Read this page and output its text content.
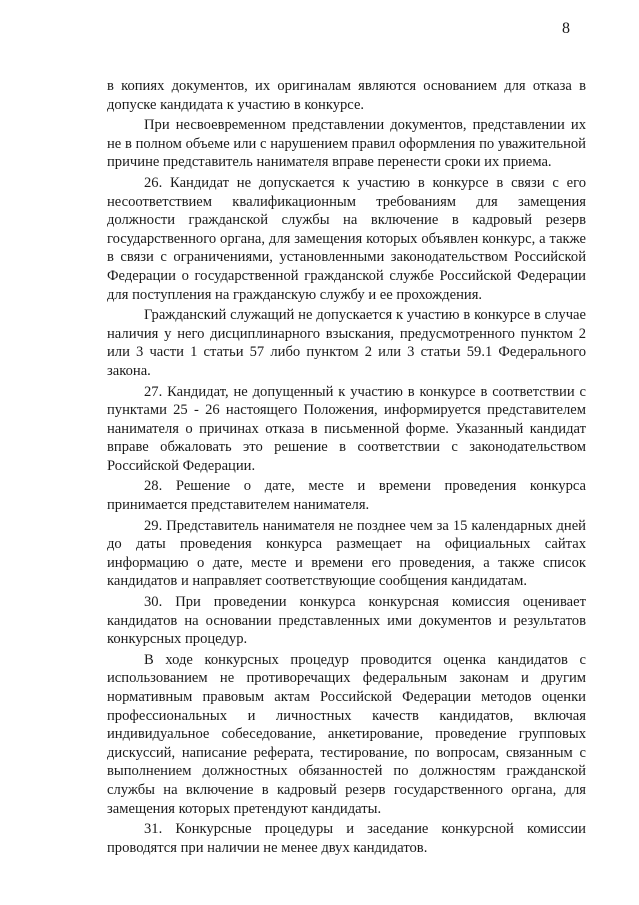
8

в копиях документов, их оригиналам являются основанием для отказа в допуске кандидата к участию в конкурсе.

При несвоевременном представлении документов, представлении их не в полном объеме или с нарушением правил оформления по уважительной причине представитель нанимателя вправе перенести сроки их приема.

26. Кандидат не допускается к участию в конкурсе в связи с его несоответствием квалификационным требованиям для замещения должности гражданской службы на включение в кадровый резерв государственного органа, для замещения которых объявлен конкурс, а также в связи с ограничениями, установленными законодательством Российской Федерации о государственной гражданской службе Российской Федерации для поступления на гражданскую службу и ее прохождения.

Гражданский служащий не допускается к участию в конкурсе в случае наличия у него дисциплинарного взыскания, предусмотренного пунктом 2 или 3 части 1 статьи 57 либо пунктом 2 или 3 статьи 59.1 Федерального закона.

27. Кандидат, не допущенный к участию в конкурсе в соответствии с пунктами 25 - 26 настоящего Положения, информируется представителем нанимателя о причинах отказа в письменной форме. Указанный кандидат вправе обжаловать это решение в соответствии с законодательством Российской Федерации.

28. Решение о дате, месте и времени проведения конкурса принимается представителем нанимателя.

29. Представитель нанимателя не позднее чем за 15 календарных дней до даты проведения конкурса размещает на официальных сайтах информацию о дате, месте и времени его проведения, а также список кандидатов и направляет соответствующие сообщения кандидатам.

30. При проведении конкурса конкурсная комиссия оценивает кандидатов на основании представленных ими документов и результатов конкурсных процедур.

В ходе конкурсных процедур проводится оценка кандидатов с использованием не противоречащих федеральным законам и другим нормативным правовым актам Российской Федерации методов оценки профессиональных и личностных качеств кандидатов, включая индивидуальное собеседование, анкетирование, проведение групповых дискуссий, написание реферата, тестирование, по вопросам, связанным с выполнением должностных обязанностей по должностям гражданской службы на включение в кадровый резерв государственного органа, для замещения которых претендуют кандидаты.

31. Конкурсные процедуры и заседание конкурсной комиссии проводятся при наличии не менее двух кандидатов.
